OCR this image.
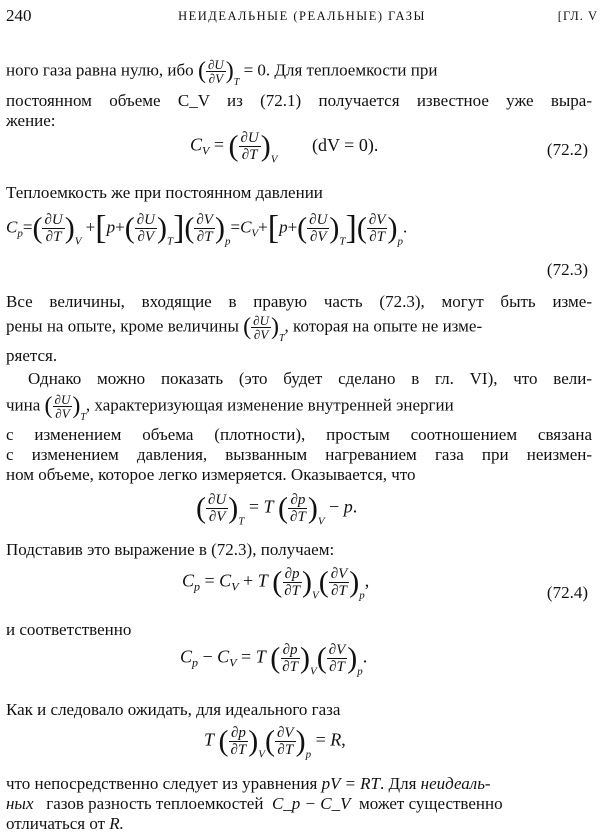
240	НЕИДЕАЛЬНЫЕ (РЕАЛЬНЫЕ) ГАЗЫ	[ГЛ. V
ного газа равна нулю, ибо ( $\frac{\partial U}{\partial V} )_T = 0$. Для теплоемкости при
постоянном объеме C_V из (72.1) получается известное уже выра-
жение:
$C_V$ = ( $\frac{\partial U}{\partial T} )_V$ (dV = 0).	(72.2)
Теплоемкость же при постоянном давлении
$C_p=( \frac{\partial U}{\partial T} )_V +[p+( \frac{\partial U}{\partial V} )_T]( \frac{\partial V}{\partial T} )_p=C_V+[p+( \frac{\partial U}{\partial V} )_T]( \frac{\partial V}{\partial T} )_p$.
(72.3)
Все величины, входящие в правую часть (72.3), могут быть изме-
рены на опыте, кроме величины ( $\frac{\partial U}{\partial V} )_T$, которая на опыте не изме-
ряется.
Однако можно показать (это будет сделано в гл. VI), что вели-
чина ( $\frac{\partial U}{\partial V} )_T$, характеризующая изменение внутренней энергии
с изменением объема (плотности), простым соотношением связана
с изменением давления, вызванным нагреванием газа при неизмен-
ном объеме, которое легко измеряется. Оказывается, что
( $\frac{\partial U}{\partial V} )_T = T$ ( $\frac{\partial p}{\partial T} )_V - p$.
Подставив это выражение в (72.3), получаем:
$C_p = C_V + T$ ( $\frac{\partial p}{\partial T} )_V( \frac{\partial V}{\partial T} )_p$,
(72.4)
и соответственно
$C_p - C_V = T$ ( $\frac{\partial p}{\partial T} )_V( \frac{\partial V}{\partial T} )_p$.
Как и следовало ожидать, для идеального газа
T ( $\frac{\partial p}{\partial T} )_V( \frac{\partial V}{\partial T} )_p = R$,
что непосредственно следует из уравнения pV = RT. Для неидеаль-
ных газов разность теплоемкостей C_p − C_V может существенно
отличаться от R.
